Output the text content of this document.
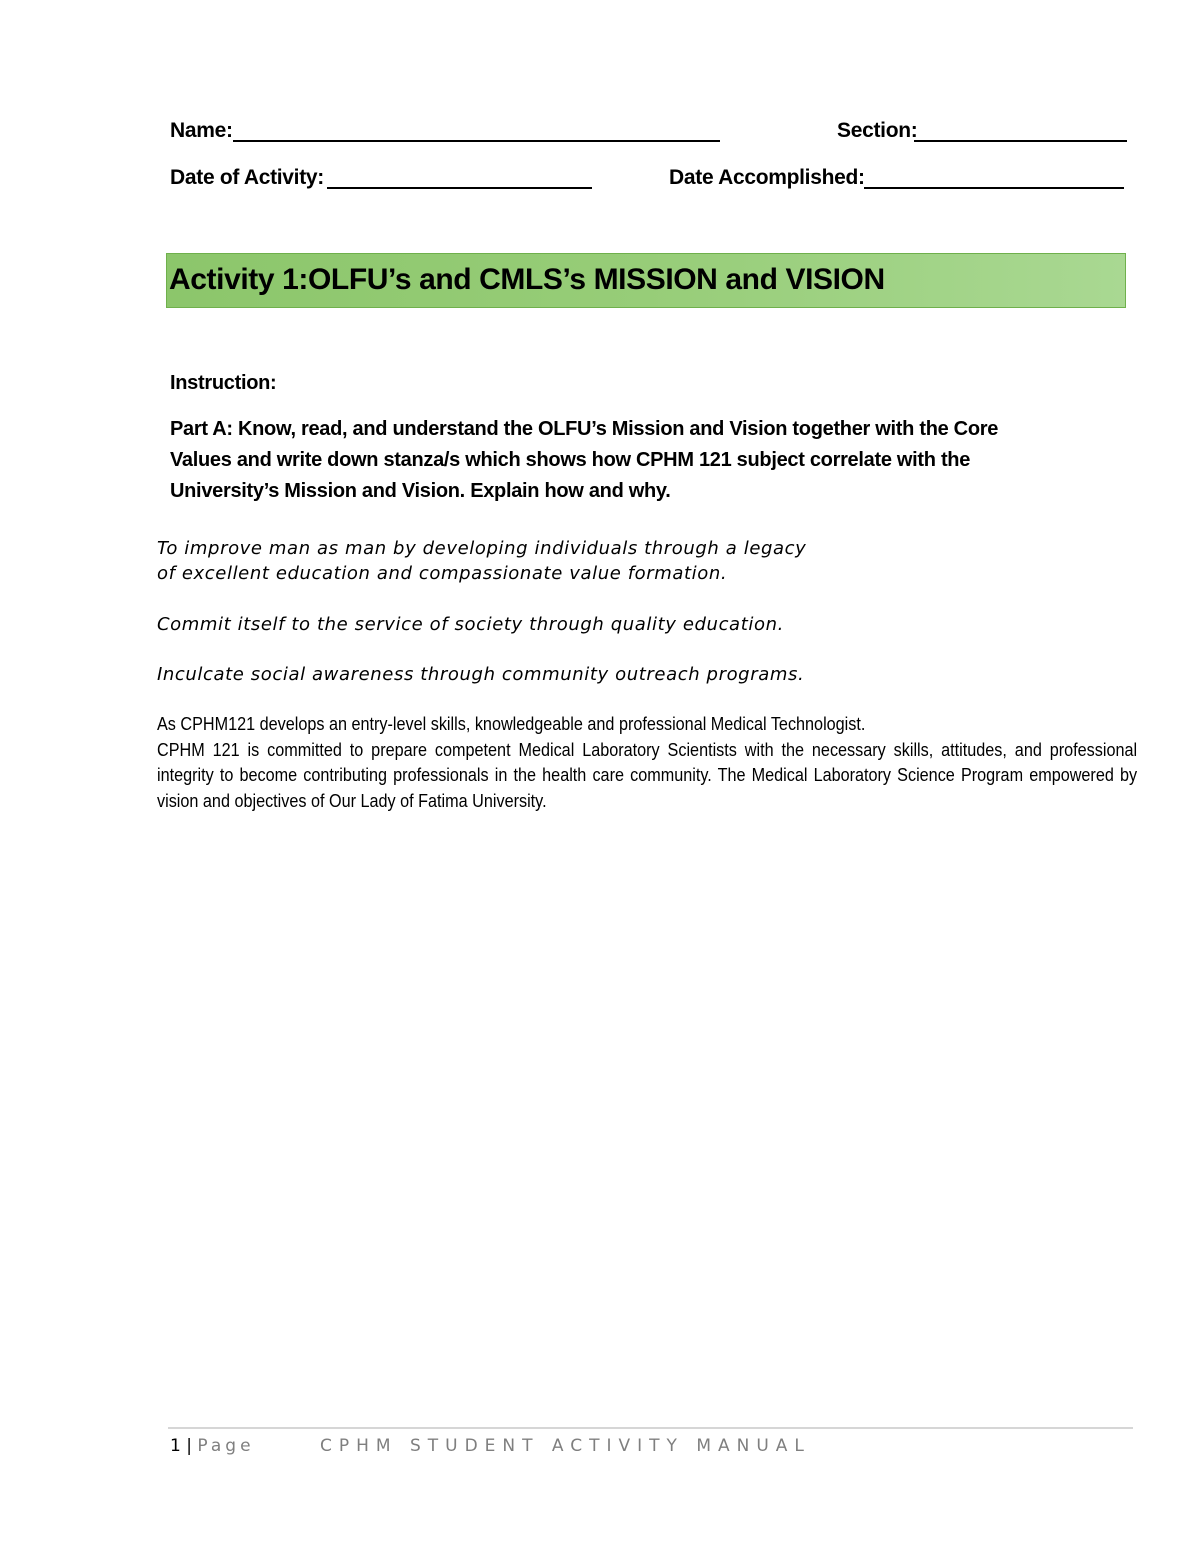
Name:	Section:
Date of Activity:	Date Accomplished:
Activity 1:OLFU’s and CMLS’s MISSION and VISION
Instruction:
Part A: Know, read, and understand the OLFU’s Mission and Vision together with the Core
Values and write down stanza/s which shows how CPHM 121 subject correlate with the
University’s Mission and Vision. Explain how and why.
To improve man as man by developing individuals through a legacy
of excellent education and compassionate value formation.
Commit itself to the service of society through quality education.
Inculcate social awareness through community outreach programs.

As CPHM121 develops an entry-level skills, knowledgeable and professional Medical Technologist.

CPHM 121 is committed to prepare competent Medical Laboratory Scientists with the necessary skills, attitudes, and professional integrity to become contributing professionals in the health care community. The Medical Laboratory Science Program empowered by vision and objectives of Our Lady of Fatima University.

1 | Page	CPHM STUDENT ACTIVITY MANUAL
